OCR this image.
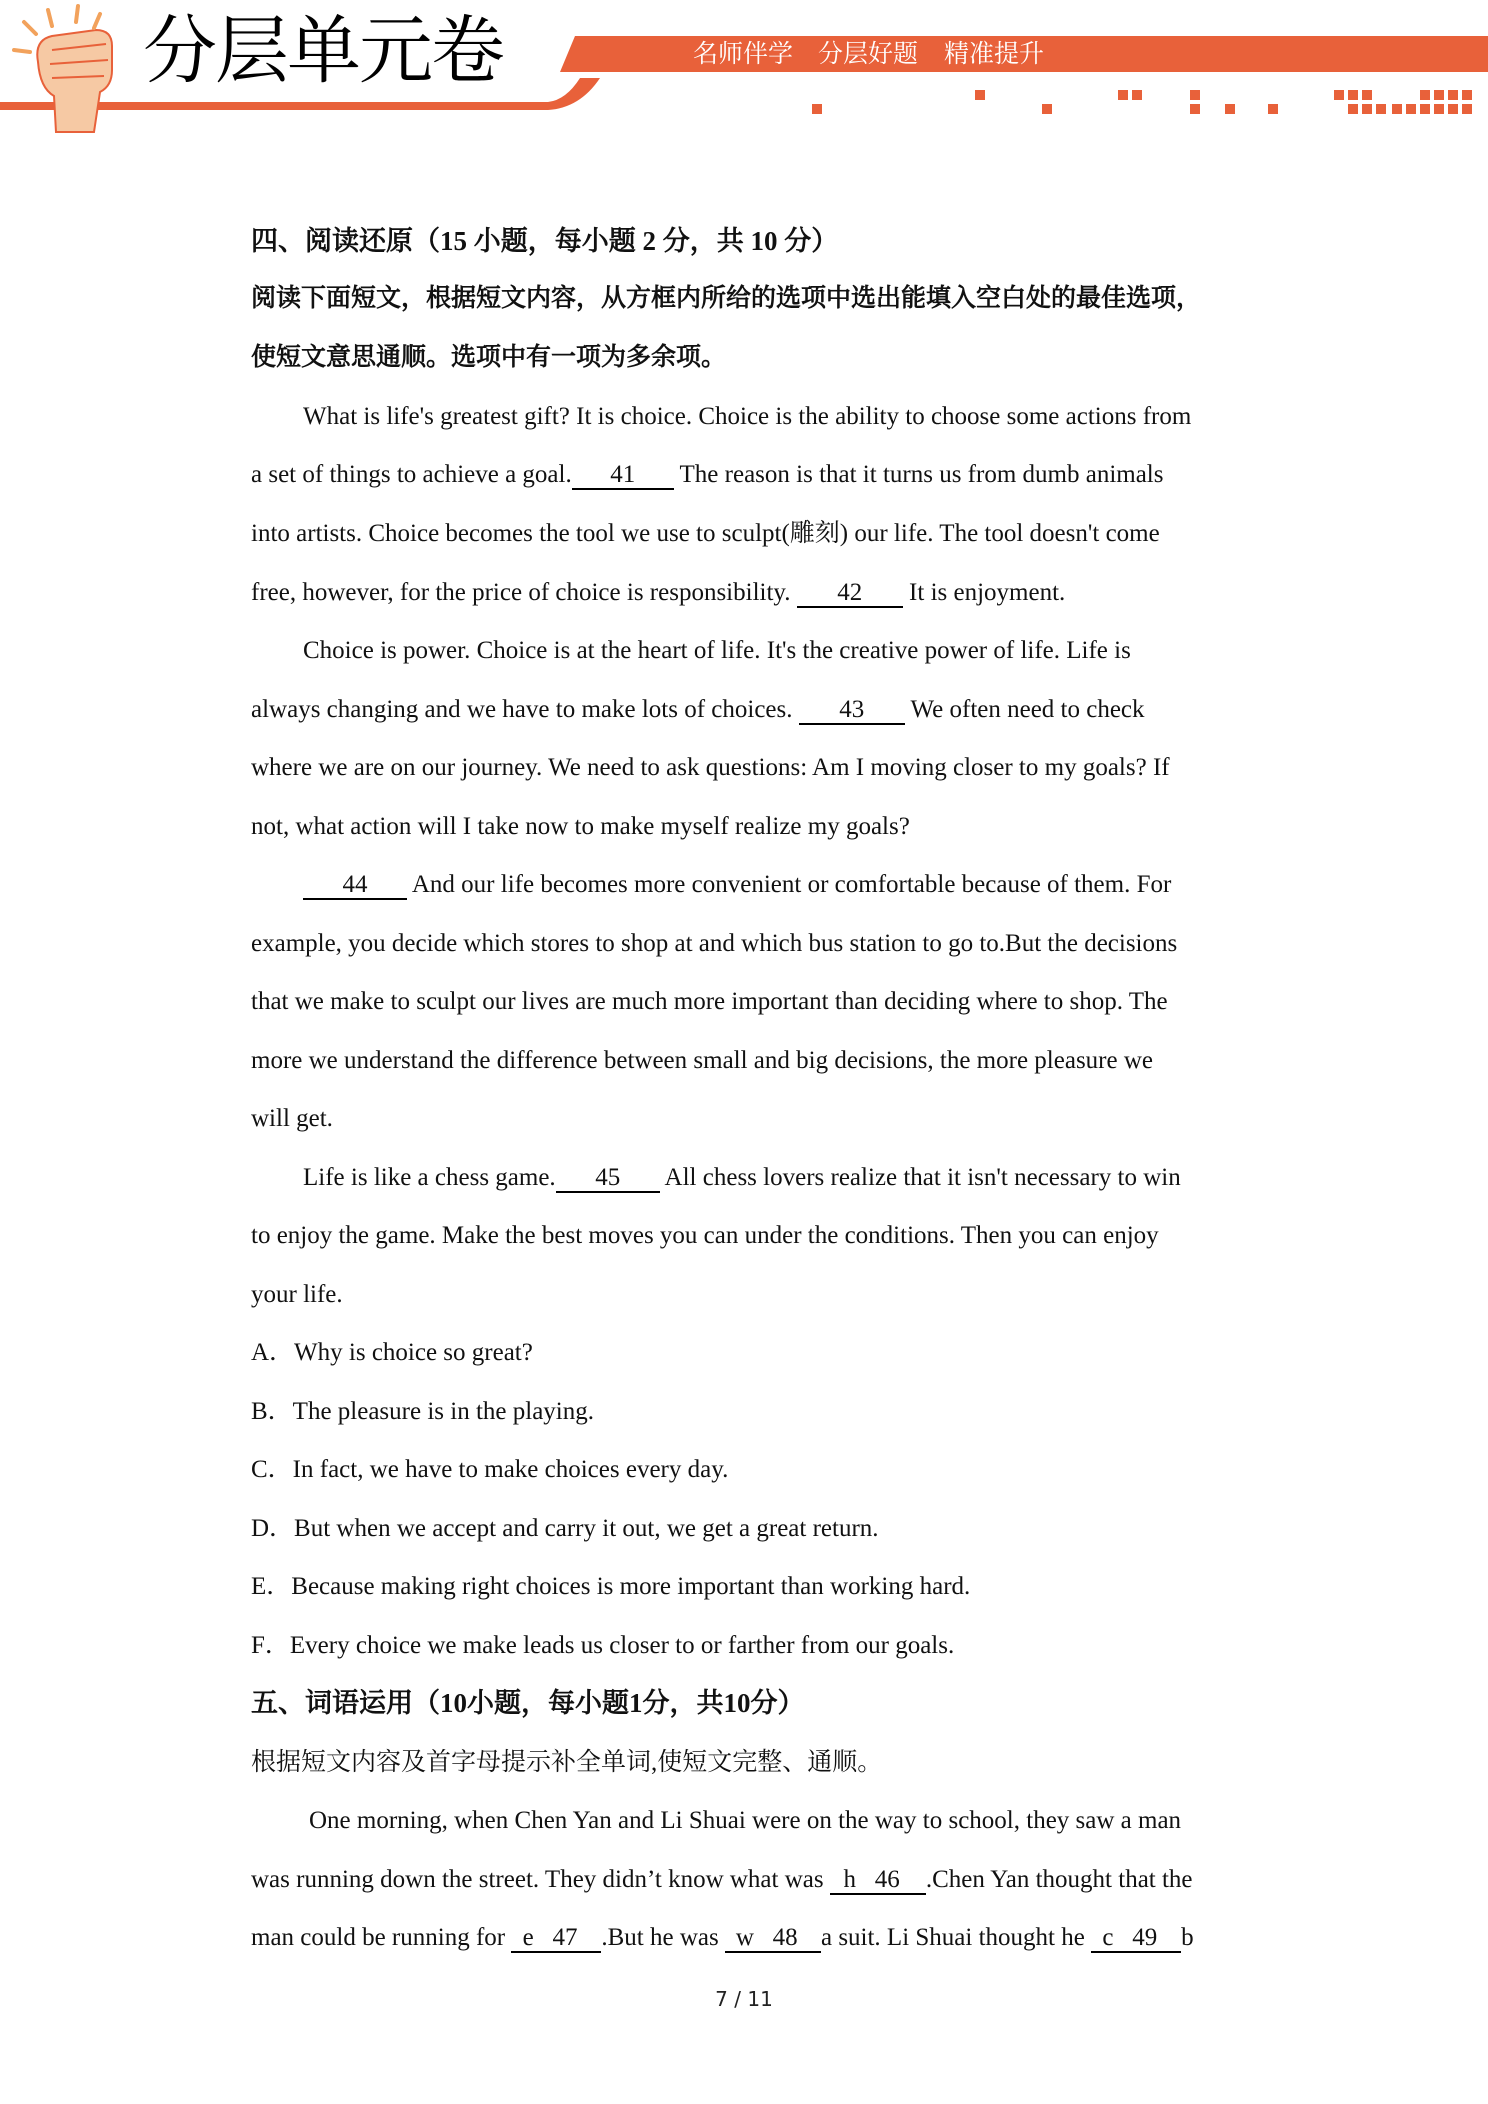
分层单元卷	名师伴学 分层好题 精准提升
四、阅读还原（15 小题，每小题 2 分，共 10 分）
阅读下面短文，根据短文内容，从方框内所给的选项中选出能填入空白处的最佳选项，
使短文意思通顺。选项中有一项为多余项。
What is life's greatest gift? It is choice. Choice is the ability to choose some actions from
a set of things to achieve a goal. 41 The reason is that it turns us from dumb animals
into artists. Choice becomes the tool we use to sculpt(雕刻) our life. The tool doesn't come
free, however, for the price of choice is responsibility. 42 It is enjoyment.
Choice is power. Choice is at the heart of life. It's the creative power of life. Life is
always changing and we have to make lots of choices. 43 We often need to check
where we are on our journey. We need to ask questions: Am I moving closer to my goals? If
not, what action will I take now to make myself realize my goals?
44 And our life becomes more convenient or comfortable because of them. For
example, you decide which stores to shop at and which bus station to go to.But the decisions
that we make to sculpt our lives are much more important than deciding where to shop. The
more we understand the difference between small and big decisions, the more pleasure we
will get.
Life is like a chess game. 45 All chess lovers realize that it isn't necessary to win
to enjoy the game. Make the best moves you can under the conditions. Then you can enjoy
your life.
A．Why is choice so great?
B．The pleasure is in the playing.
C．In fact, we have to make choices every day.
D．But when we accept and carry it out, we get a great return.
E．Because making right choices is more important than working hard.
F．Every choice we make leads us closer to or farther from our goals.
五、词语运用（10小题，每小题1分，共10分）
根据短文内容及首字母提示补全单词,使短文完整、通顺。
One morning, when Chen Yan and Li Shuai were on the way to school, they saw a man
was running down the street. They didn’t know what was h   46  .Chen Yan thought that the
man could be running for e   47  .But he was w   48  a suit. Li Shuai thought he c   49  b
7 / 11
